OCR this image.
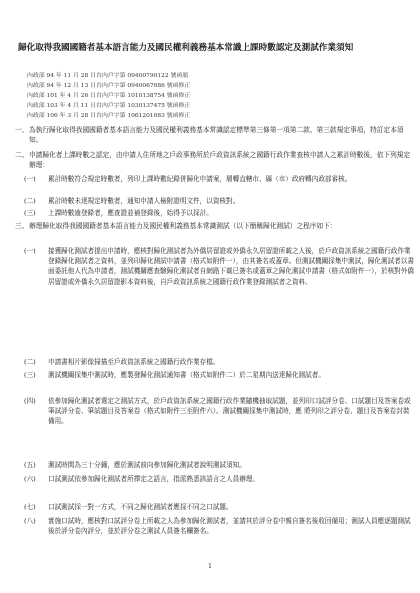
歸化取得我國國籍者基本語言能力及國民權利義務基本常識上課時數認定及測試作業須知
內政部 94 年 11 月 28 日台內戶字第 09400790122 號函頒
內政部 94 年 12 月 13 日台內戶字第 0940067086 號函修正
內政部 101 年 4 月 26 日台內戶字第 1010138754 號函修正
內政部 103 年 4 月 11 日台內戶字第 1030137475 號函修正
內政部 106 年 3 月 28 日台內戶字第 1061201083 號函修正
一、 為執行歸化取得我國國籍者基本語言能力及國民權利義務基本常識認定標準第三條第一項第二款、第三款規定事項，特訂定本須知。
二、 申請歸化者上課時數之認定，由申請人住所地之戶政事務所於戶政資訊系統之國籍行政作業查核申請人之累計時數後，依下列規定辦理：
(一) 累計時數符合規定時數者，列印上課時數紀錄併歸化申請案，層轉直轄市、縣（市）政府轉內政部審核。
(二) 累計時數未達規定時數者，通知申請人檢附證明文件，以資核對。
(三) 上課時數逾登錄者，應查證並補登錄後，始得予以採計。
三、 辦理歸化取得我國國籍者基本語言能力及國民權利義務基本常識測試（以下簡稱歸化測試）之程序如下：
(一) 接獲歸化測試者提出申請時，應核對歸化測試者為外僑居留證或外僑永久居留證所載之人後，於戶政資訊系統之國籍行政作業登錄歸化測試者之資料，並列印歸化測試申請書（格式如附件一），由其簽名或蓋章。但測試機關採集中測試，歸化測試者以書面委託他人代為申請者，測試機關應查驗歸化測試者自網路下載已簽名或蓋章之歸化測試申請書（格式如附件一），於核對外僑居留證或外僑永久居留證影本資料後，自戶政資訊系統之國籍行政作業登錄測試者之資料。
(二) 申請書相片影像掃描至戶政資訊系統之國籍行政作業存檔。
(三) 測試機關採集中測試時，應製發歸化測試通知書（格式如附件二）於二星期內送達歸化測試者。
(四) 依參加歸化測試者選定之測試方式，於戶政資訊系統之國籍行政作業隨機抽取試題，並列印口試評分卷、口試題目及答案卷或筆試評分卷、筆試題目及答案卷（格式如附件三至附件六）。測試機關採集中測試時，應 將列印之評分卷、題目及答案卷封裝備用。
(五) 測試時間為三十分鐘，應於測試前向參加歸化測試者說明測試須知。
(六) 口試測試依參加歸化測試者所擇定之語言，指派熟悉該語言之人員辦理。
(七) 口試測試採一對一方式，不同之歸化測試者應採不同之口試題。
(八) 實施口試時，應核對口試評分卷上所載之人為參加歸化測試者，並請其於評分卷中親自簽名後收回備用；測試人員應逐題測試後於評分卷內評分，並於評分卷之測試人員簽名欄簽名。
1
